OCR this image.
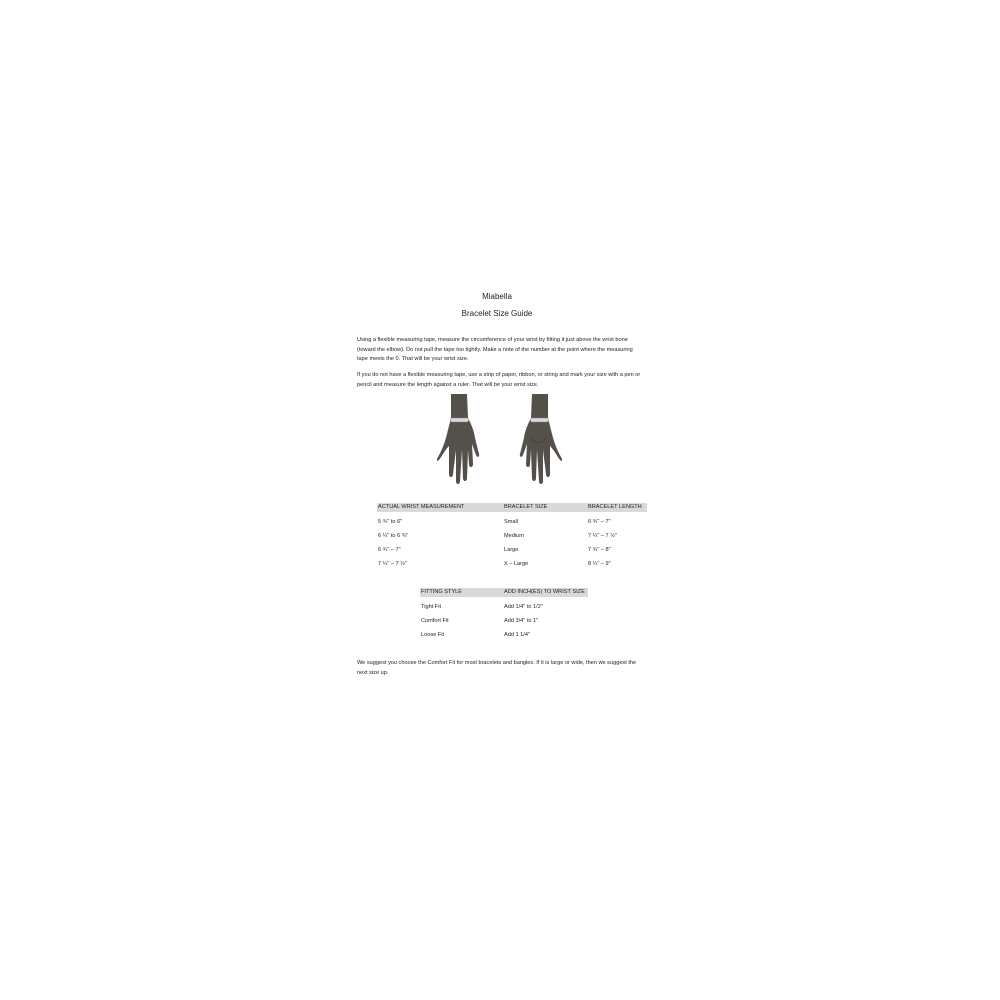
Miabella
Bracelet Size Guide
Using a flexible measuring tape, measure the circumference of your wrist by fitting it just above the wrist bone (toward the elbow). Do not pull the tape too tightly. Make a note of the number at the point where the measuring tape meets the 0. That will be your wrist size.
If you do not have a flexible measuring tape, use a strip of paper, ribbon, or string and mark your size with a pen or pencil and measure the length against a ruler. That will be your wrist size.
ACTUAL WRIST MEASUREMENT	BRACELET SIZE	BRACELET LENGTH
5 ¾" to 6"	Small	6 ¾" – 7"
6 ¼" to 6 ¾"	Medium	7 ¼" – 7 ½"
6 ¾" – 7"	Large	7 ¾" – 8"
7 ¼" – 7 ½"	X – Large	8 ¼" – 9"
FITTING STYLE	ADD INCH(ES) TO WRIST SIZE
Tight Fit	Add 1/4" to 1/2"
Comfort Fit	Add 3/4" to 1"
Loose Fit	Add 1 1/4"
We suggest you choose the Comfort Fit for most bracelets and bangles. If it is large or wide, then we suggest the next size up.
